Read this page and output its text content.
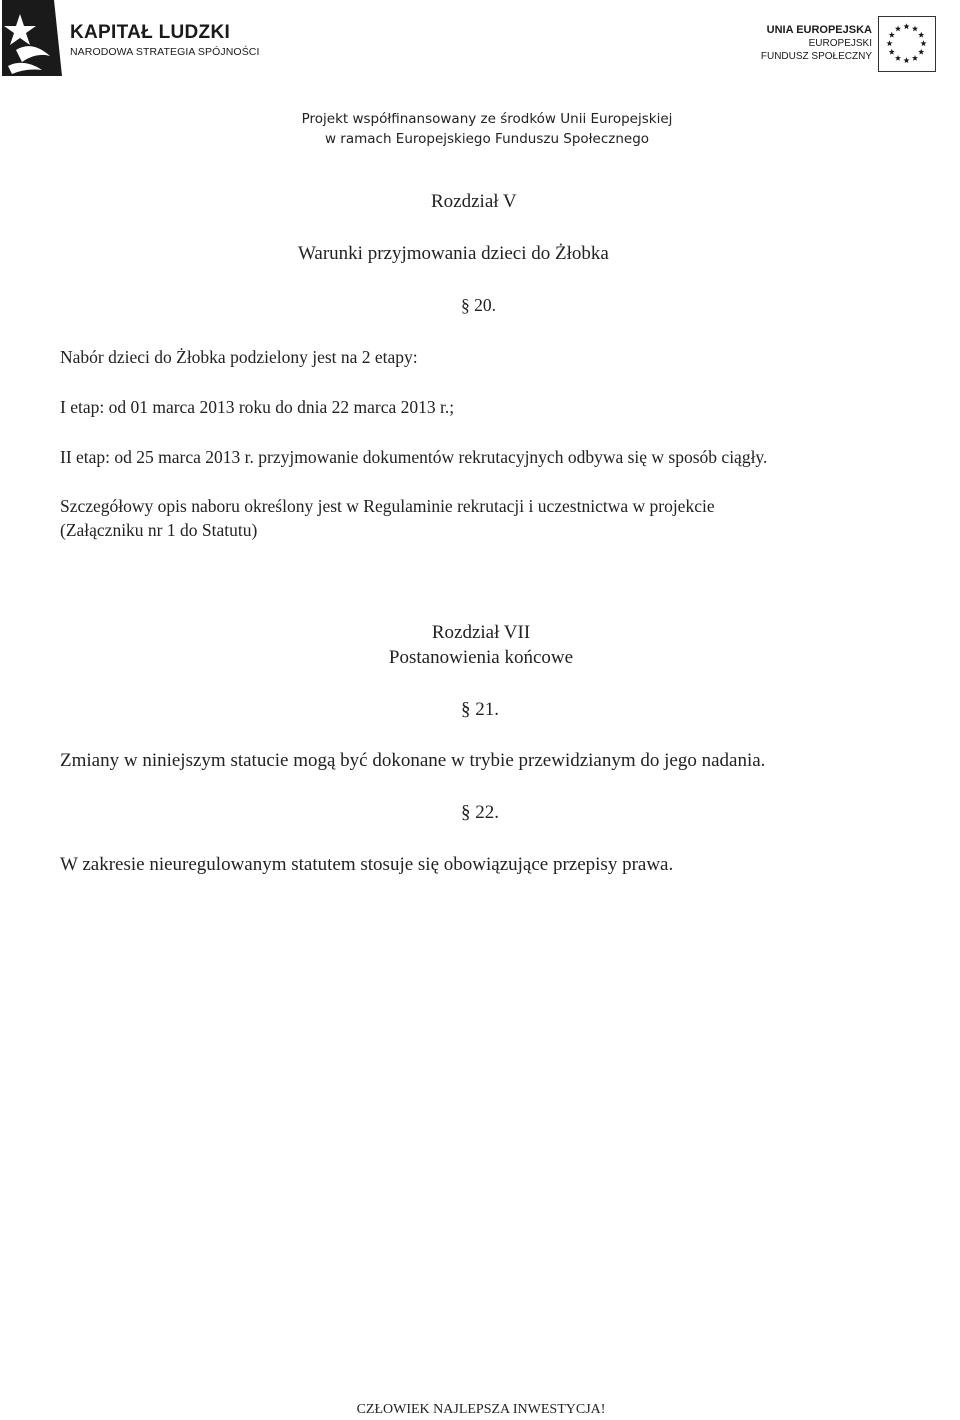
KAPITAŁ LUDZKI
NARODOWA STRATEGIA SPÓJNOŚCI
UNIA EUROPEJSKA
EUROPEJSKI
FUNDUSZ SPOŁECZNY
Projekt współfinansowany ze środków Unii Europejskiej
w ramach Europejskiego Funduszu Społecznego
Rozdział V
Warunki przyjmowania dzieci do Żłobka
§ 20.
Nabór dzieci do Żłobka podzielony jest na 2 etapy:
I etap: od 01 marca 2013 roku do dnia 22 marca 2013 r.;
II etap: od 25 marca 2013 r. przyjmowanie dokumentów rekrutacyjnych odbywa się w sposób ciągły.
Szczegółowy opis naboru określony jest w Regulaminie rekrutacji i uczestnictwa w projekcie
(Załączniku nr 1 do Statutu)
Rozdział VII
Postanowienia końcowe
§ 21.
Zmiany w niniejszym statucie mogą być dokonane w trybie przewidzianym do jego nadania.
§ 22.
W zakresie nieuregulowanym statutem stosuje się obowiązujące przepisy prawa.
CZŁOWIEK NAJLEPSZA INWESTYCJA!
